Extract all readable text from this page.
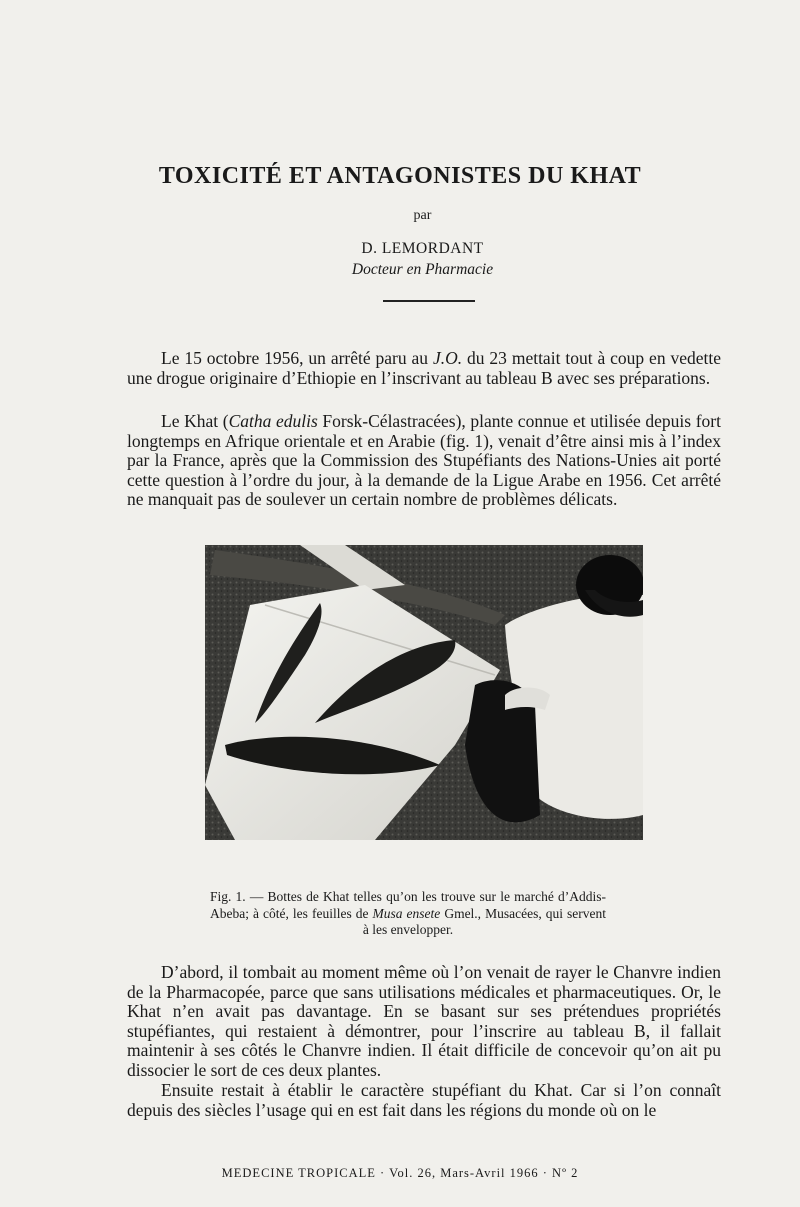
TOXICITÉ ET ANTAGONISTES DU KHAT
par
D. LEMORDANT
Docteur en Pharmacie

Le 15 octobre 1956, un arrêté paru au J.O. du 23 mettait tout à coup en vedette une drogue originaire d’Ethiopie en l’inscrivant au tableau B avec ses préparations.

Le Khat (Catha edulis Forsk-Célastracées), plante connue et utilisée depuis fort longtemps en Afrique orientale et en Arabie (fig. 1), venait d’être ainsi mis à l’index par la France, après que la Commission des Stupéfiants des Nations-Unies ait porté cette question à l’ordre du jour, à la demande de la Ligue Arabe en 1956. Cet arrêté ne manquait pas de soulever un certain nombre de problèmes délicats.

Fig. 1. — Bottes de Khat telles qu’on les trouve sur le marché d’Addis-Abeba; à côté, les feuilles de Musa ensete Gmel., Musacées, qui servent à les envelopper.

D’abord, il tombait au moment même où l’on venait de rayer le Chanvre indien de la Pharmacopée, parce que sans utilisations médicales et pharmaceutiques. Or, le Khat n’en avait pas davantage. En se basant sur ses prétendues propriétés stupéfiantes, qui restaient à démontrer, pour l’inscrire au tableau B, il fallait maintenir à ses côtés le Chanvre indien. Il était difficile de concevoir qu’on ait pu dissocier le sort de ces deux plantes.

Ensuite restait à établir le caractère stupéfiant du Khat. Car si l’on connaît depuis des siècles l’usage qui en est fait dans les régions du monde où on le

MEDECINE TROPICALE · Vol. 26, Mars-Avril 1966 · Nº 2
